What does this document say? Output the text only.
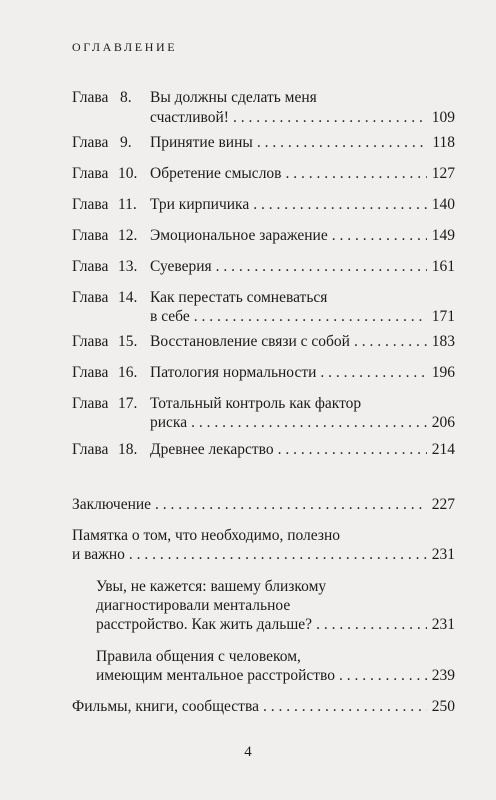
ОГЛАВЛЕНИЕ
Глава 8. Вы должны сделать меня
счастливой! . . .	109
Глава 9. Принятие вины . . .	118
Глава 10. Обретение смыслов . . .	127
Глава 11. Три кирпичика . . .	140
Глава 12. Эмоциональное заражение . . .	149
Глава 13. Суеверия . . .	161
Глава 14. Как перестать сомневаться
в себе . . .	171
Глава 15. Восстановление связи с собой . . .	183
Глава 16. Патология нормальности . . .	196
Глава 17. Тотальный контроль как фактор
риска . . .	206
Глава 18. Древнее лекарство . . .	214
Заключение . . .	227
Памятка о том, что необходимо, полезно
и важно . . .	231
Увы, не кажется: вашему близкому
диагностировали ментальное
расстройство. Как жить дальше? . . .	231
Правила общения с человеком,
имеющим ментальное расстройство . . .	239
Фильмы, книги, сообщества . . .	250
4
